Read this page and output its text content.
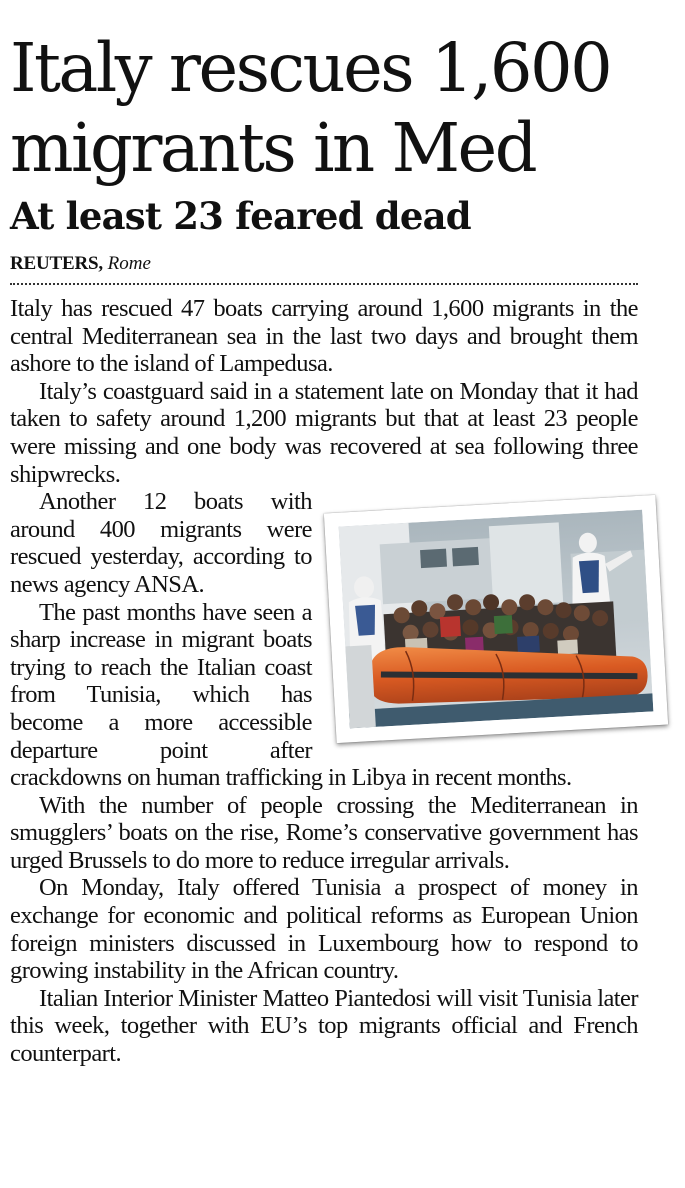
Italy rescues 1,600
migrants in Med
At least 23 feared dead
REUTERS, Rome

Italy has rescued 47 boats carrying around 1,600 migrants in the central Mediterranean sea in the last two days and brought them ashore to the island of Lampedusa.

Italy’s coastguard said in a statement late on Monday that it had taken to safety around 1,200 migrants but that at least 23 people were missing and one body was recovered at sea following three shipwrecks.

Another 12 boats with around 400 migrants were rescued yesterday, according to news agency ANSA.

The past months have seen a sharp increase in migrant boats trying to reach the Italian coast from Tunisia, which has become a more accessible departure point after crackdowns on human trafficking in Libya in recent months.

With the number of people crossing the Mediterranean in smugglers’ boats on the rise, Rome’s conservative government has urged Brussels to do more to reduce irregular arrivals.

On Monday, Italy offered Tunisia a prospect of money in exchange for economic and political reforms as European Union foreign ministers discussed in Luxembourg how to respond to growing instability in the African country.

Italian Interior Minister Matteo Piantedosi will visit Tunisia later this week, together with EU’s top migrants official and French counterpart.
